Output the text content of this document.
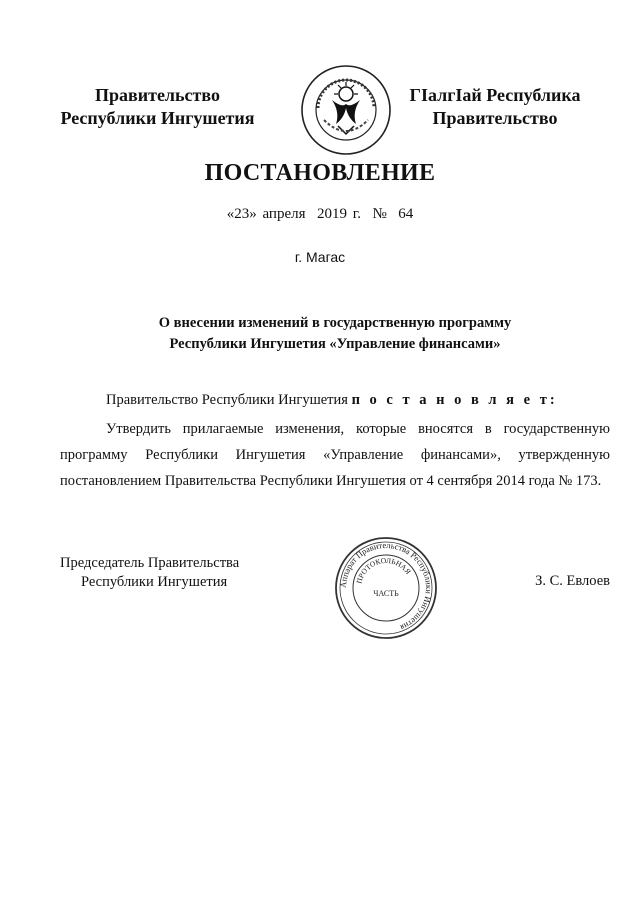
Правительство
Республики Ингушетия
ГIалгIай Республика
Правительство
ПОСТАНОВЛЕНИЕ
«23» апреля  2019 г.  №  64
г. Магас
О внесении изменений в государственную программу
Республики Ингушетия «Управление финансами»
Правительство Республики Ингушетия п о с т а н о в л я е т:
Утвердить прилагаемые изменения, которые вносятся в государственную программу Республики Ингушетия «Управление финансами», утвержденную постановлением Правительства Республики Ингушетия от 4 сентября 2014 года № 173.
Председатель Правительства
Республики Ингушетия	Аппарат Правительства Республики Ингушетия
ПРОТОКОЛЬНАЯ
ЧАСТЬ
З. С. Евлоев
